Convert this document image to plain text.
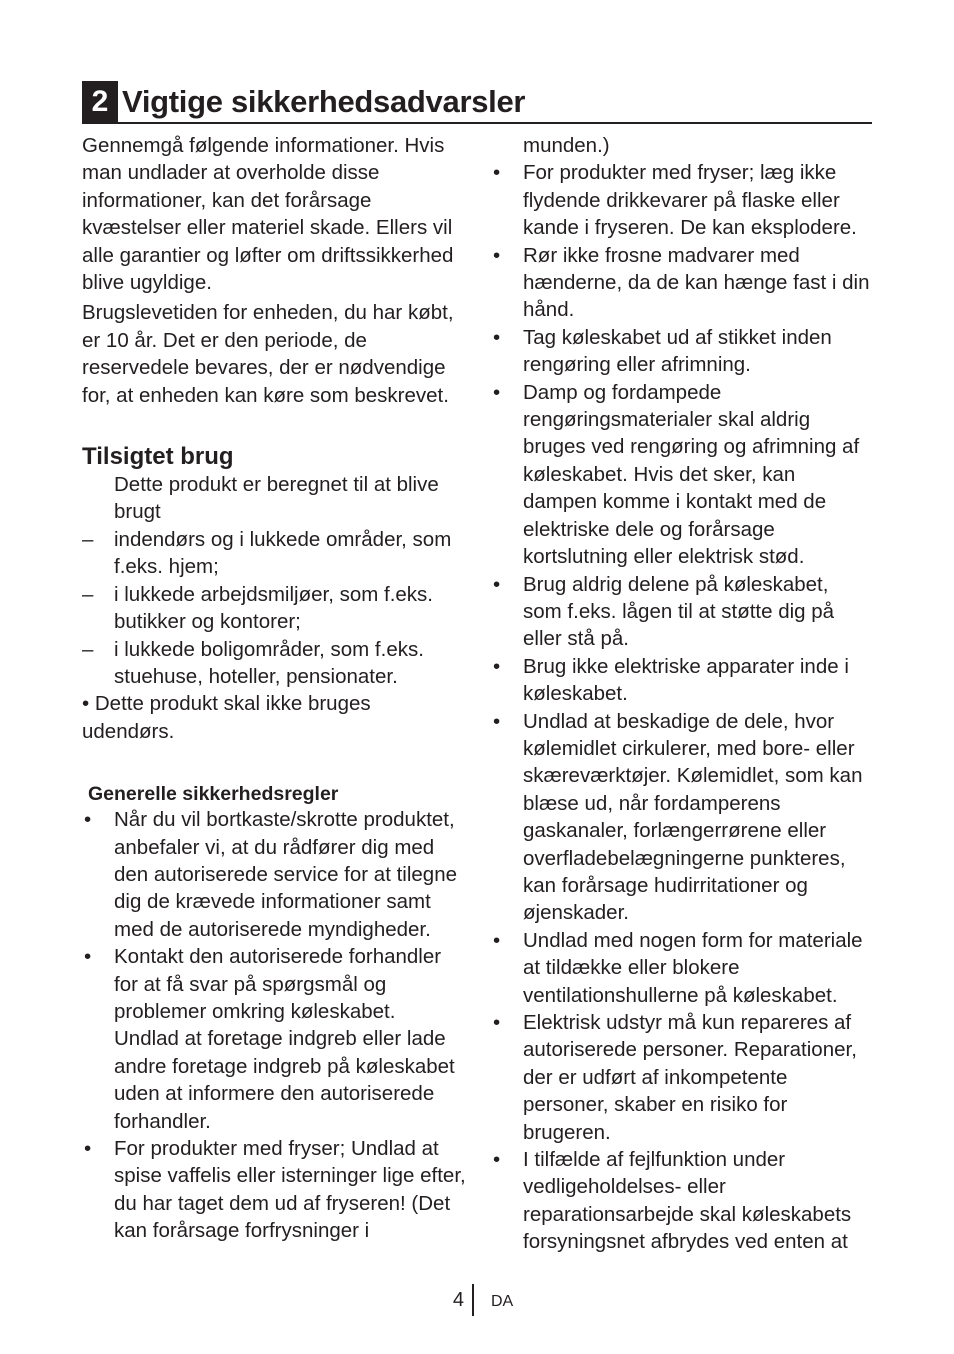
2 Vigtige sikkerhedsadvarsler

Gennemgå følgende informationer. Hvis man undlader at overholde disse informationer, kan det forårsage kvæstelser eller materiel skade. Ellers vil alle garantier og løfter om driftssikkerhed blive ugyldige.

Brugslevetiden for enheden, du har købt, er 10 år. Det er den periode, de reservedele bevares, der er nødvendige for, at enheden kan køre som beskrevet.

Tilsigtet brug

Dette produkt er beregnet til at blive brugt

– indendørs og i lukkede områder, som f.eks. hjem;
– i lukkede arbejdsmiljøer, som f.eks. butikker og kontorer;
– i lukkede boligområder, som f.eks. stuehuse, hoteller, pensionater.

• Dette produkt skal ikke bruges udendørs.

Generelle sikkerhedsregler
• Når du vil bortkaste/skrotte produktet, anbefaler vi, at du rådfører dig med den autoriserede service for at tilegne dig de krævede informationer samt med de autoriserede myndigheder.
• Kontakt den autoriserede forhandler for at få svar på spørgsmål og problemer omkring køleskabet. Undlad at foretage indgreb eller lade andre foretage indgreb på køleskabet uden at informere den autoriserede forhandler.
• For produkter med fryser; Undlad at spise vaffelis eller isterninger lige efter, du har taget dem ud af fryseren! (Det kan forårsage forfrysninger i

munden.)

• For produkter med fryser; læg ikke flydende drikkevarer på flaske eller kande i fryseren. De kan eksplodere.
• Rør ikke frosne madvarer med hænderne, da de kan hænge fast i din hånd.
• Tag køleskabet ud af stikket inden rengøring eller afrimning.
• Damp og fordampede rengøringsmaterialer skal aldrig bruges ved rengøring og afrimning af køleskabet. Hvis det sker, kan dampen komme i kontakt med de elektriske dele og forårsage kortslutning eller elektrisk stød.
• Brug aldrig delene på køleskabet, som f.eks. lågen til at støtte dig på eller stå på.
• Brug ikke elektriske apparater inde i køleskabet.
• Undlad at beskadige de dele, hvor kølemidlet cirkulerer, med bore- eller skæreværktøjer. Kølemidlet, som kan blæse ud, når fordamperens gaskanaler, forlængerrørene eller overfladebelægningerne punkteres, kan forårsage hudirritationer og øjenskader.
• Undlad med nogen form for materiale at tildække eller blokere ventilationshullerne på køleskabet.
• Elektrisk udstyr må kun repareres af autoriserede personer. Reparationer, der er udført af inkompetente personer, skaber en risiko for brugeren.
• I tilfælde af fejlfunktion under vedligeholdelses- eller reparationsarbejde skal køleskabets forsyningsnet afbrydes ved enten at
4 DA
